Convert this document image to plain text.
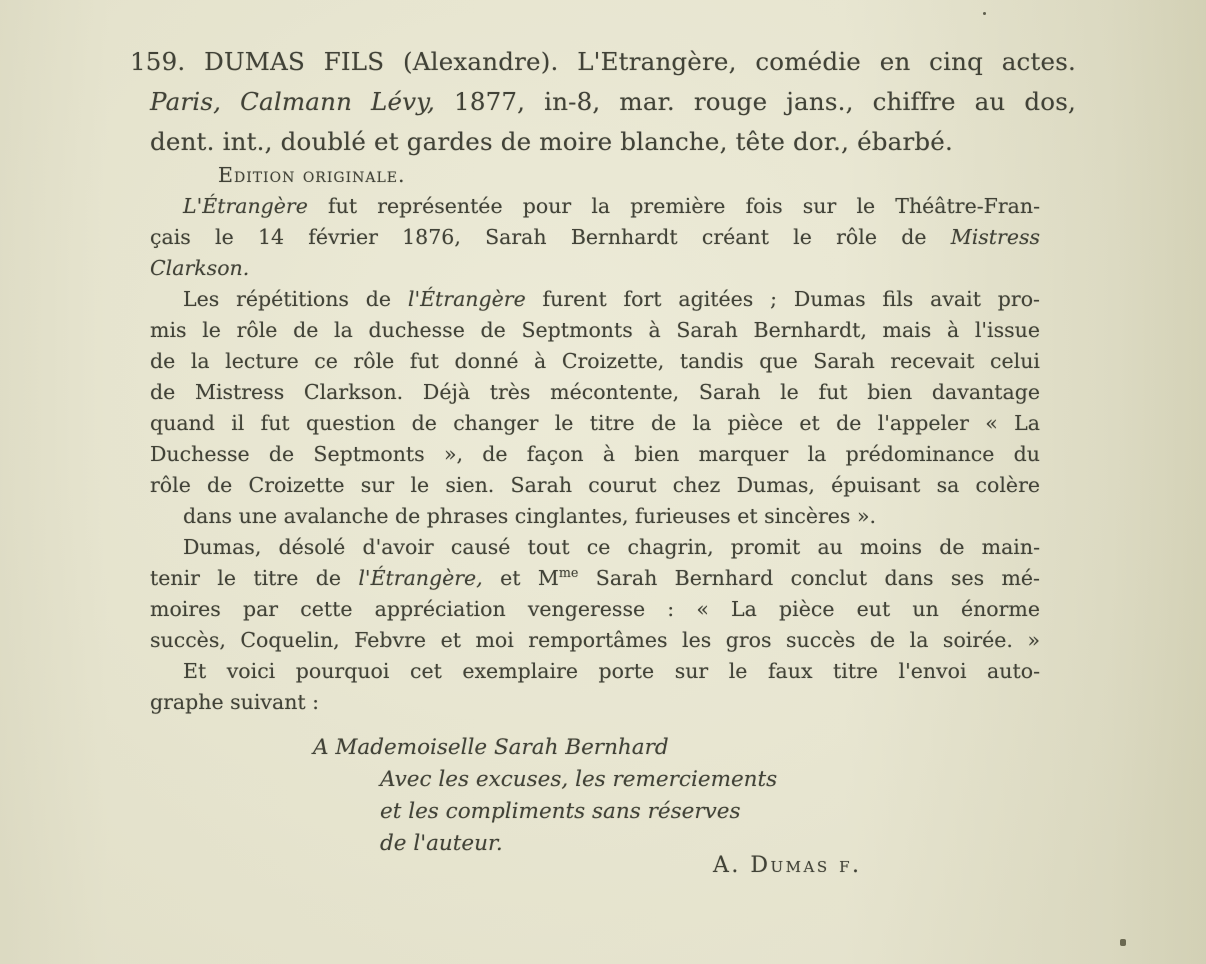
159. DUMAS FILS (Alexandre). L'Etrangère, comédie en cinq actes.
Paris, Calmann Lévy, 1877, in-8, mar. rouge jans., chiffre au dos,
dent. int., doublé et gardes de moire blanche, tête dor., ébarbé.
Edition originale.
L'Étrangère fut représentée pour la première fois sur le Théâtre-Fran-
çais le 14 février 1876, Sarah Bernhardt créant le rôle de Mistress
Clarkson.
Les répétitions de l'Étrangère furent fort agitées ; Dumas fils avait pro-
mis le rôle de la duchesse de Septmonts à Sarah Bernhardt, mais à l'issue
de la lecture ce rôle fut donné à Croizette, tandis que Sarah recevait celui
de Mistress Clarkson. Déjà très mécontente, Sarah le fut bien davantage
quand il fut question de changer le titre de la pièce et de l'appeler « La
Duchesse de Septmonts », de façon à bien marquer la prédominance du
rôle de Croizette sur le sien. Sarah courut chez Dumas, épuisant sa colère
dans une avalanche de phrases cinglantes, furieuses et sincères ».
Dumas, désolé d'avoir causé tout ce chagrin, promit au moins de main-
tenir le titre de l'Étrangère, et $M^{me}$ Sarah Bernhard conclut dans ses mé-
moires par cette appréciation vengeresse : « La pièce eut un énorme
succès, Coquelin, Febvre et moi remportâmes les gros succès de la soirée. »
Et voici pourquoi cet exemplaire porte sur le faux titre l'envoi auto-
graphe suivant :
A Mademoiselle Sarah Bernhard
Avec les excuses, les remerciements
et les compliments sans réserves
de l'auteur.
A. Dumas f.
